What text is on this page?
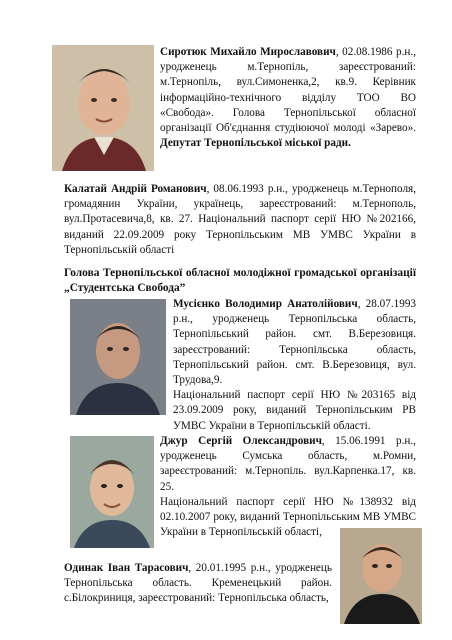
Сиротюк Михайло Мирославович, 02.08.1986 р.н., уродженець м.Тернопіль, зареєстрований: м.Тернопіль, вул.Симоненка,2, кв.9. Керівник інформаційно-технічного відділу ТОО ВО «Свобода». Голова Тернопільської обласної організації Об'єднання студіюючої молоді «Зарево». Депутат Тернопільської міської ради.

Калатай Андрій Романович, 08.06.1993 р.н., уродженець м.Тернополя, громадянин України, українець, зареєстрований: м.Тернополь, вул.Протасевича,8, кв. 27. Національний паспорт серії НЮ №202166, виданий 22.09.2009 року Тернопільським МВ УМВС України в Тернопільській області

Голова Тернопільської обласної молодіжної громадської організації „Студентська Свобода”

Мусієнко Володимир Анатолійович, 28.07.1993 р.н., уродженець Тернопільська область, Тернопільський район. смт. В.Березовиця. зареєстрований: Тернопільська область, Тернопільський район. смт. В.Березовиця, вул. Трудова,9.

Національний паспорт серії НЮ №203165 від 23.09.2009 року, виданий Тернопільським РВ УМВС України в Тернопільській області.

Джур Сергій Олександрович, 15.06.1991 р.н., уродженець Сумська область, м.Ромни, зареєстрований: м.Тернопіль. вул.Карпенка.17, кв. 25.

Національний паспорт серії НЮ №138932 від 02.10.2007 року, виданий Тернопільським МВ УМВС України в Тернопільській області,

Одинак Іван Тарасович, 20.01.1995 р.н., уродженець Тернопільська область. Кременецький район. с.Білокриниця, зареєстрований: Тернопільська область,
